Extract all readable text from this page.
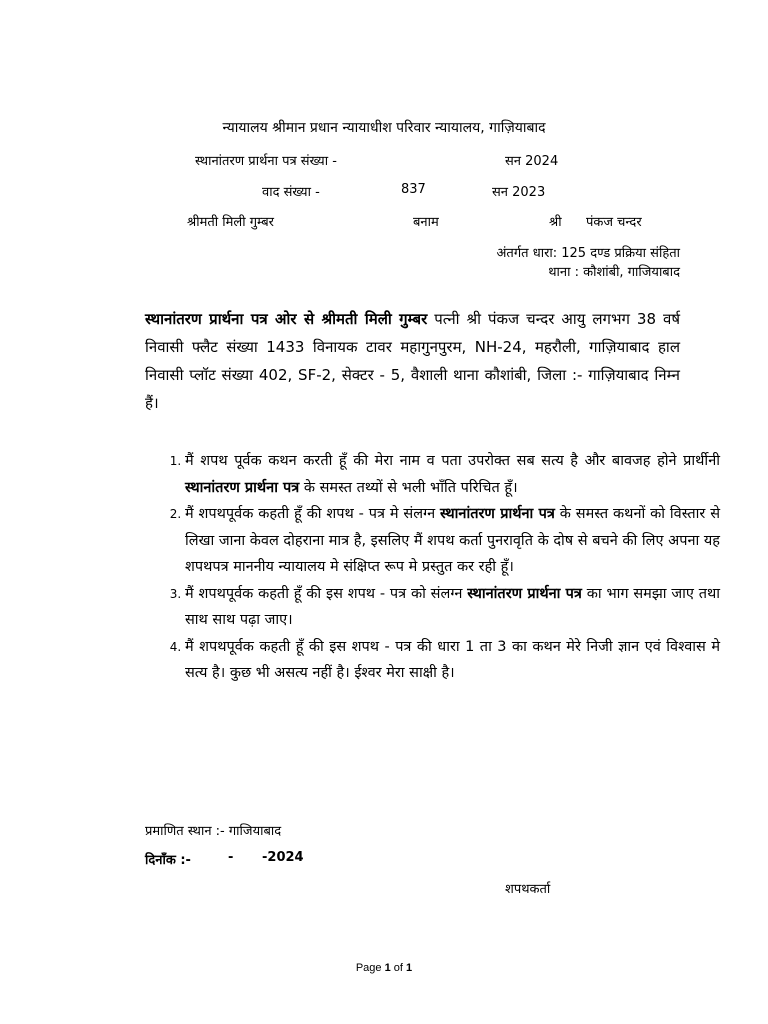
न्यायालय श्रीमान प्रधान न्यायाधीश परिवार न्यायालय, गाज़ियाबाद
स्थानांतरण प्रार्थना पत्र संख्या -	सन 2024
वाद संख्या -	837	सन 2023
श्रीमती मिली गुम्बर	बनाम	श्री पंकज चन्दर
अंतर्गत धारा: 125 दण्ड प्रक्रिया संहिता
थाना : कौशांबी, गाजियाबाद
स्थानांतरण प्रार्थना पत्र ओर से श्रीमती मिली गुम्बर पत्नी श्री पंकज चन्दर आयु लगभग 38 वर्ष निवासी फ्लैट संख्या 1433 विनायक टावर महागुनपुरम, NH-24, महरौली, गाज़ियाबाद हाल निवासी प्लॉट संख्या 402, SF-2, सेक्टर - 5, वैशाली थाना कौशांबी, जिला :- गाज़ियाबाद निम्न हैं।
1. मैं शपथ पूर्वक कथन करती हूँ की मेरा नाम व पता उपरोक्त सब सत्य है और बावजह होने प्रार्थीनी स्थानांतरण प्रार्थना पत्र के समस्त तथ्यों से भली भाँति परिचित हूँ।
2. मैं शपथपूर्वक कहती हूँ की शपथ - पत्र मे संलग्न स्थानांतरण प्रार्थना पत्र के समस्त कथनों को विस्तार से लिखा जाना केवल दोहराना मात्र है, इसलिए मैं शपथ कर्ता पुनरावृति के दोष से बचने की लिए अपना यह शपथपत्र माननीय न्यायालय मे संक्षिप्त रूप मे प्रस्तुत कर रही हूँ।
3. मैं शपथपूर्वक कहती हूँ की इस शपथ - पत्र को संलग्न स्थानांतरण प्रार्थना पत्र का भाग समझा जाए तथा साथ साथ पढ़ा जाए।
4. मैं शपथपूर्वक कहती हूँ की इस शपथ - पत्र की धारा 1 ता 3 का कथन मेरे निजी ज्ञान एवं विश्वास मे सत्य है। कुछ भी असत्य नहीं है। ईश्वर मेरा साक्षी है।
प्रमाणित स्थान :- गाजियाबाद
दिनाँक :-	- -2024
शपथकर्ता
Page 1 of 1
